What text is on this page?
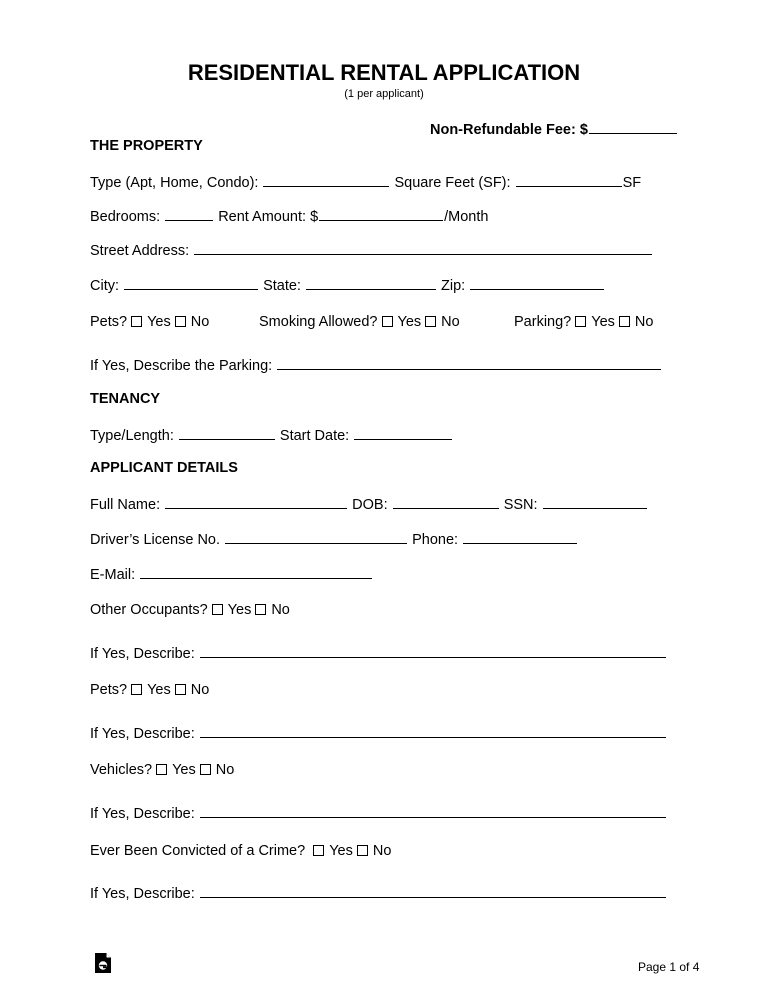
RESIDENTIAL RENTAL APPLICATION
(1 per applicant)
Non-Refundable Fee: $
THE PROPERTY
Type (Apt, Home, Condo):	Square Feet (SF):	SF
Bedrooms:	Rent Amount: $	/Month
Street Address:
City:	State:	Zip:
Pets? Yes No	Smoking Allowed? Yes No	Parking? Yes No
If Yes, Describe the Parking:
TENANCY
Type/Length:	Start Date:
APPLICANT DETAILS
Full Name:	DOB:	SSN:
Driver’s License No.	Phone:
E-Mail:
Other Occupants? Yes No
If Yes, Describe:
Pets? Yes No
If Yes, Describe:
Vehicles? Yes No
If Yes, Describe:
Ever Been Convicted of a Crime? Yes No
If Yes, Describe:
Page 1 of 4
